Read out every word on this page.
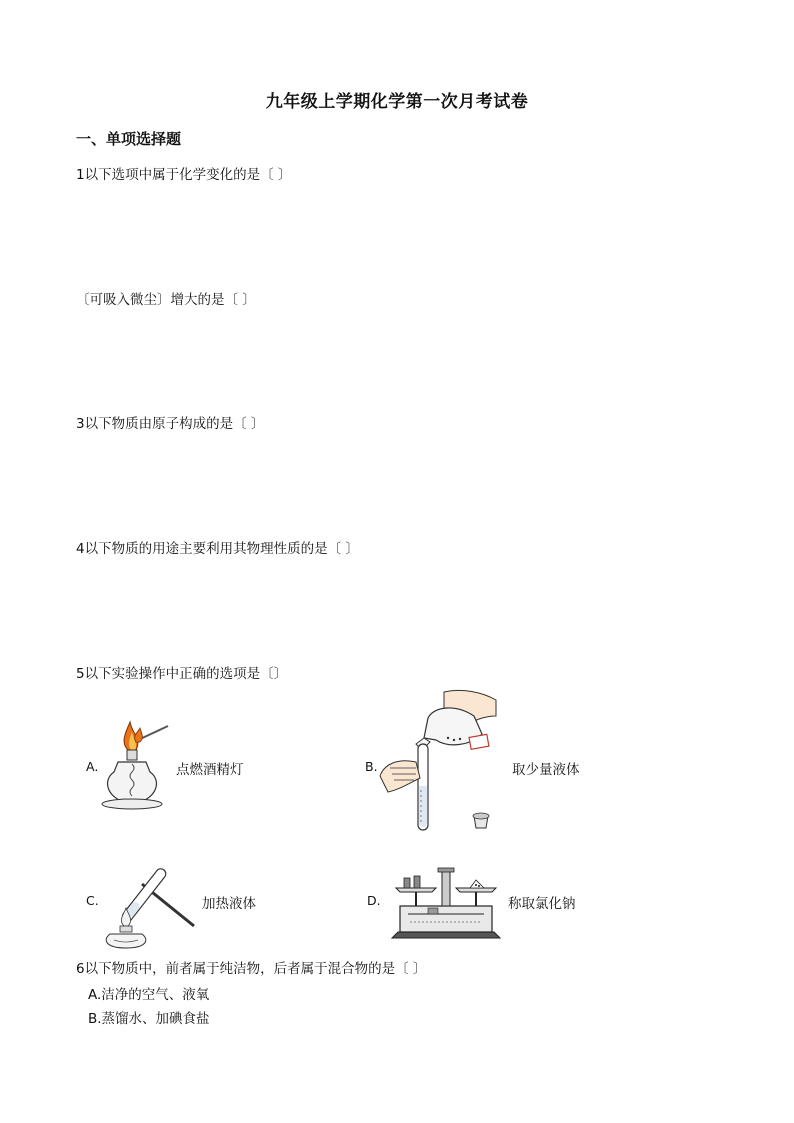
九年级上学期化学第一次月考试卷
一、单项选择题
1以下选项中属于化学变化的是〔 〕
〔可吸入微尘〕增大的是〔 〕
3以下物质由原子构成的是〔 〕
4以下物质的用途主要利用其物理性质的是〔 〕
5以下实验操作中正确的选项是〔〕
A.	点燃酒精灯	B.	取少量液体
C.	加热液体	D.	称取氯化钠
6以下物质中，前者属于纯洁物，后者属于混合物的是〔 〕
A.洁净的空气、液氧
B.蒸馏水、加碘食盐
